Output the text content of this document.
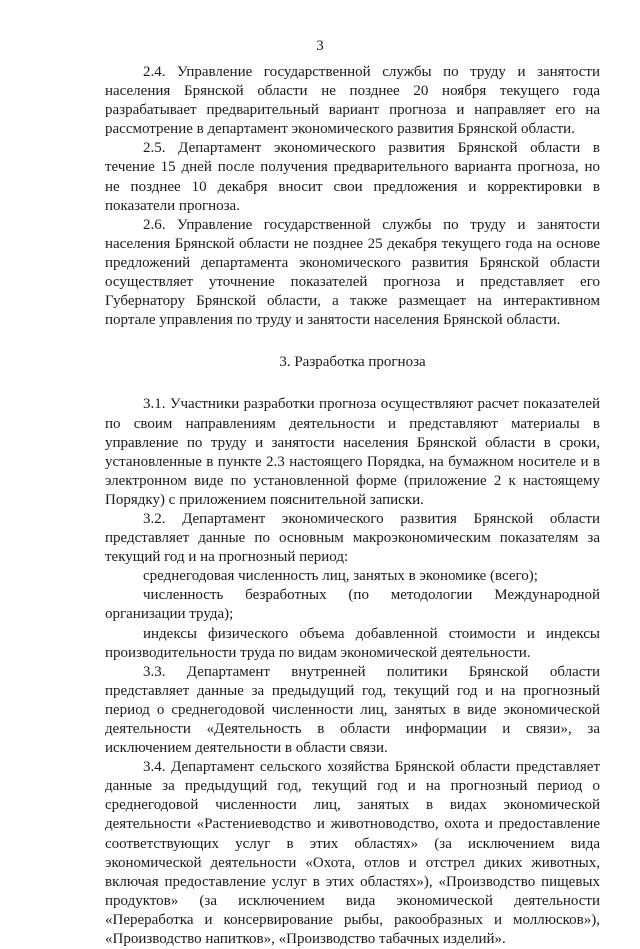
3

2.4. Управление государственной службы по труду и занятости населения Брянской области не позднее 20 ноября текущего года разрабатывает предварительный вариант прогноза и направляет его на рассмотрение в департамент экономического развития Брянской области.

2.5. Департамент экономического развития Брянской области в течение 15 дней после получения предварительного варианта прогноза, но не позднее 10 декабря вносит свои предложения и корректировки в показатели прогноза.

2.6. Управление государственной службы по труду и занятости населения Брянской области не позднее 25 декабря текущего года на основе предложений департамента экономического развития Брянской области осуществляет уточнение показателей прогноза и представляет его Губернатору Брянской области, а также размещает на интерактивном портале управления по труду и занятости населения Брянской области.

3. Разработка прогноза

3.1. Участники разработки прогноза осуществляют расчет показателей по своим направлениям деятельности и представляют материалы в управление по труду и занятости населения Брянской области в сроки, установленные в пункте 2.3 настоящего Порядка, на бумажном носителе и в электронном виде по установленной форме (приложение 2 к настоящему Порядку) с приложением пояснительной записки.

3.2. Департамент экономического развития Брянской области представляет данные по основным макроэкономическим показателям за текущий год и на прогнозный период:

среднегодовая численность лиц, занятых в экономике (всего);

численность безработных (по методологии Международной организации труда);

индексы физического объема добавленной стоимости и индексы производительности труда по видам экономической деятельности.

3.3. Департамент внутренней политики Брянской области представляет данные за предыдущий год, текущий год и на прогнозный период о среднегодовой численности лиц, занятых в виде экономической деятельности «Деятельность в области информации и связи», за исключением деятельности в области связи.

3.4. Департамент сельского хозяйства Брянской области представляет данные за предыдущий год, текущий год и на прогнозный период о среднегодовой численности лиц, занятых в видах экономической деятельности «Растениеводство и животноводство, охота и предоставление соответствующих услуг в этих областях» (за исключением вида экономической деятельности «Охота, отлов и отстрел диких животных, включая предоставление услуг в этих областях»), «Производство пищевых продуктов» (за исключением вида экономической деятельности «Переработка и консервирование рыбы, ракообразных и моллюсков»), «Производство напитков», «Производство табачных изделий».
